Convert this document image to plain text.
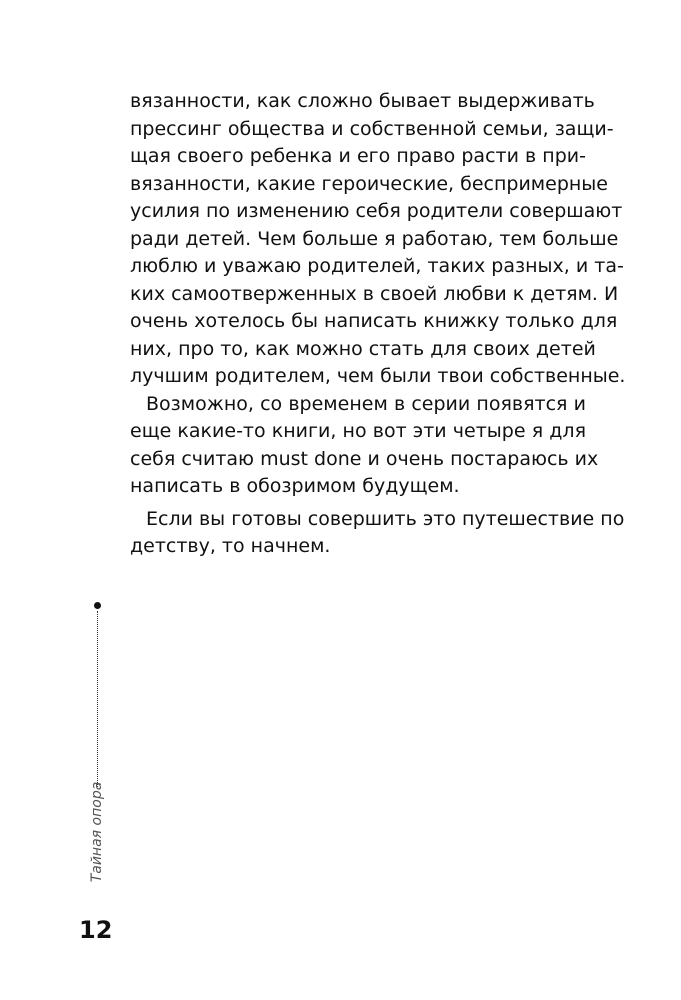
вязанности, как сложно бывает выдерживать
прессинг общества и собственной семьи, защи-
щая своего ребенка и его право расти в при-
вязанности, какие героические, беспримерные
усилия по изменению себя родители совершают
ради детей. Чем больше я работаю, тем больше
люблю и уважаю родителей, таких разных, и та-
ких самоотверженных в своей любви к детям. И
очень хотелось бы написать книжку только для
них, про то, как можно стать для своих детей
лучшим родителем, чем были твои собственные.
Возможно, со временем в серии появятся и
еще какие-то книги, но вот эти четыре я для
себя считаю must done и очень постараюсь их
написать в обозримом будущем.
Если вы готовы совершить это путешествие по
детству, то начнем.
Тайная опора
12
